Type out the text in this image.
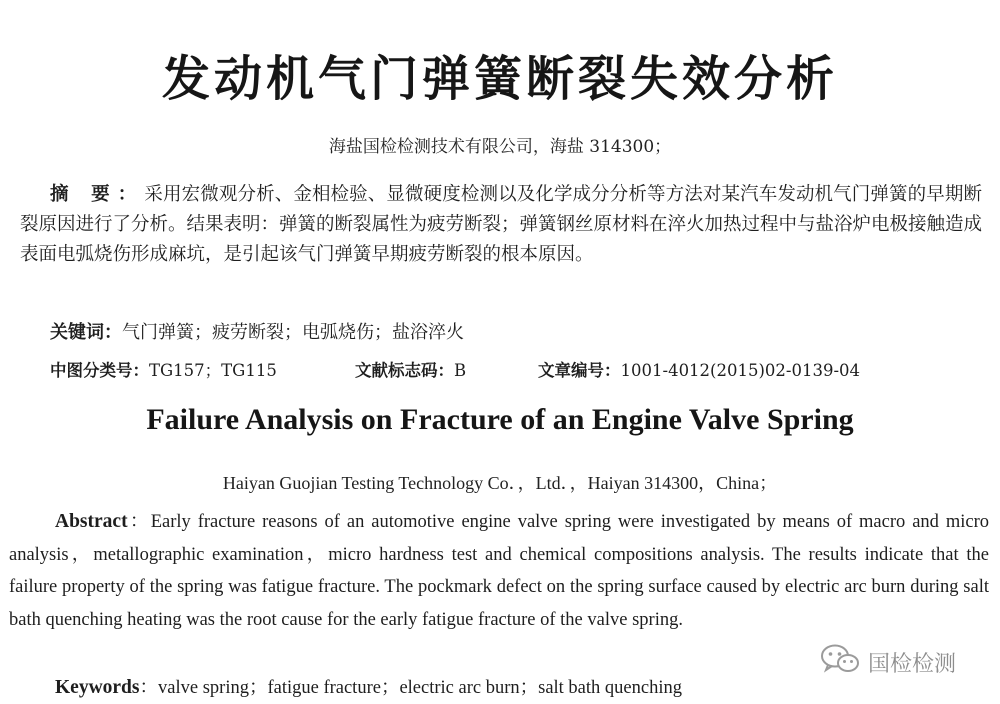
发动机气门弹簧断裂失效分析
海盐国检检测技术有限公司，海盐 314300；
摘 要：采用宏微观分析、金相检验、显微硬度检测以及化学成分分析等方法对某汽车发动机气门弹簧的早期断裂原因进行了分析。结果表明：弹簧的断裂属性为疲劳断裂；弹簧钢丝原材料在淬火加热过程中与盐浴炉电极接触造成表面电弧烧伤形成麻坑，是引起该气门弹簧早期疲劳断裂的根本原因。
关键词：气门弹簧；疲劳断裂；电弧烧伤；盐浴淬火
中图分类号：TG157；TG115	文献标志码：B	文章编号：1001-4012(2015)02-0139-04
Failure Analysis on Fracture of an Engine Valve Spring
Haiyan Guojian Testing Technology Co．，Ltd．，Haiyan 314300，China；
Abstract：Early fracture reasons of an automotive engine valve spring were investigated by means of macro and micro analysis，metallographic examination，micro hardness test and chemical compositions analysis. The results indicate that the failure property of the spring was fatigue fracture. The pockmark defect on the spring surface caused by electric arc burn during salt bath quenching heating was the root cause for the early fatigue fracture of the valve spring.
Keywords：valve spring；fatigue fracture；electric arc burn；salt bath quenching
国检检测
